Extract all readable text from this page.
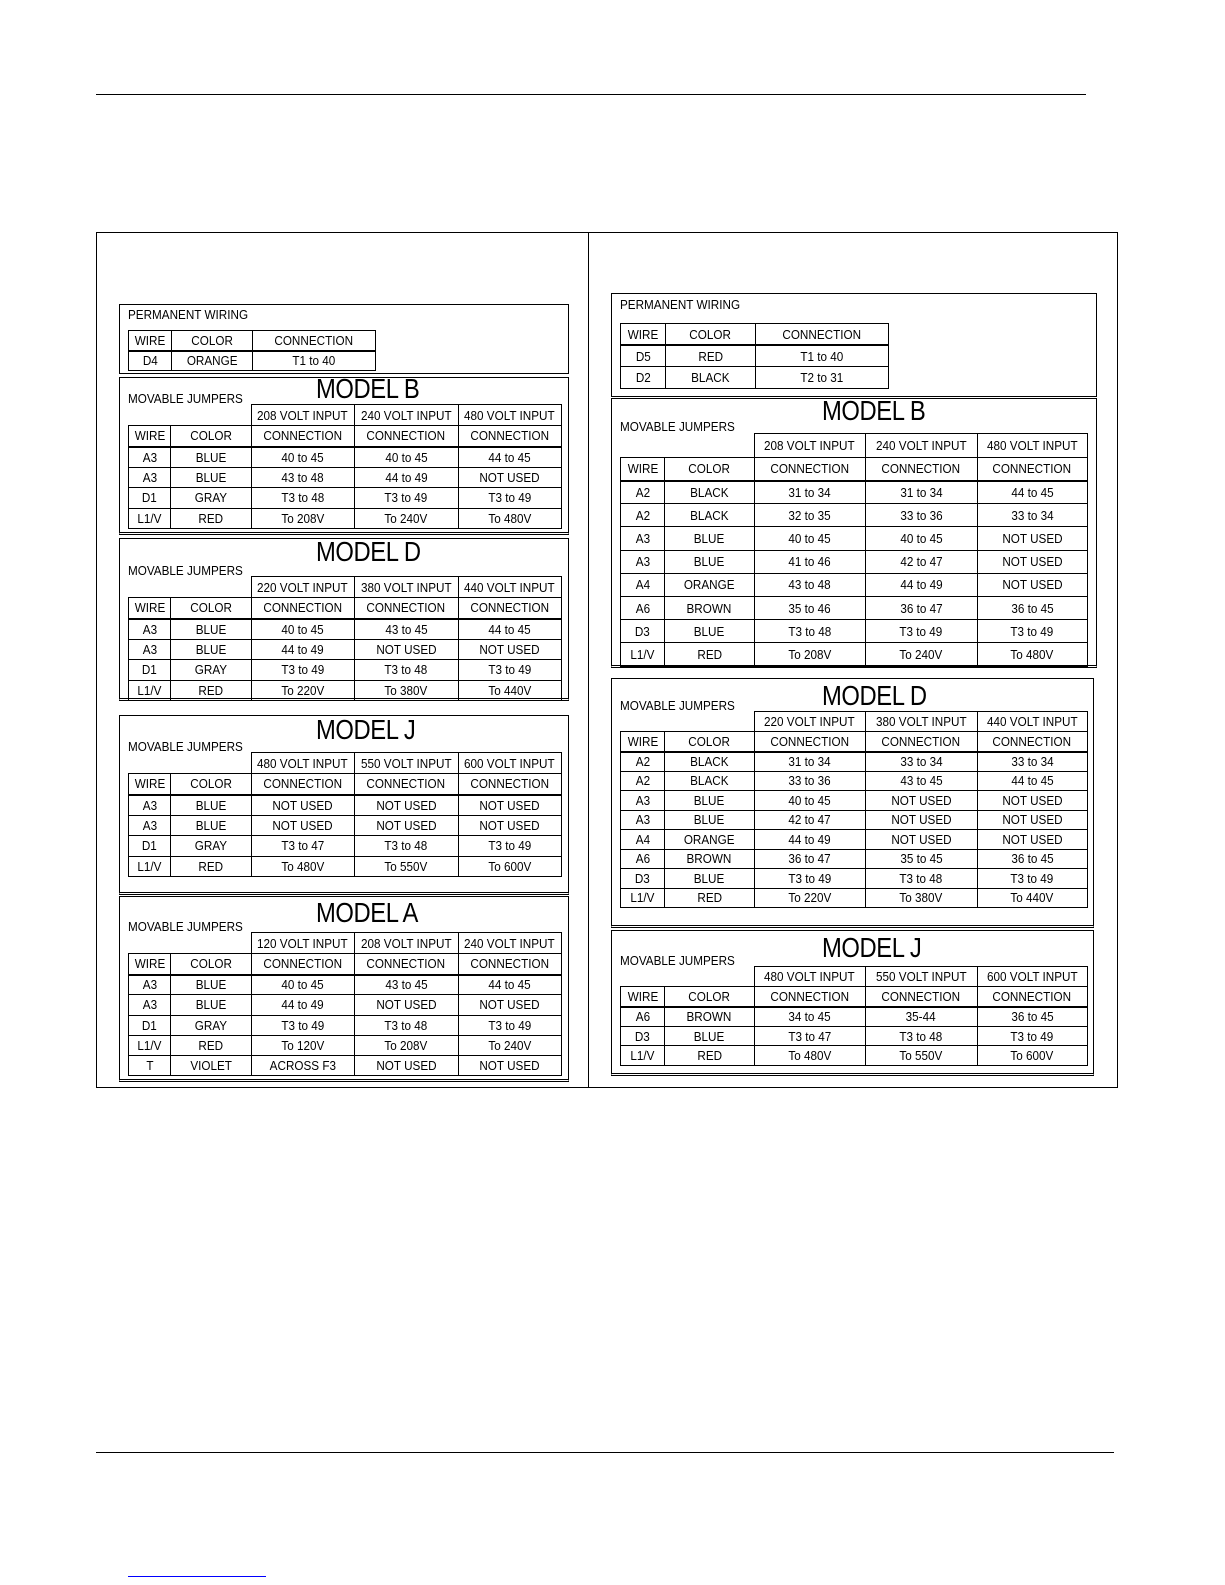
PERMANENT WIRING
WIRE	COLOR	CONNECTION
D4	ORANGE	T1 to 40
MODEL B
MOVABLE JUMPERS
		208 VOLT INPUT	240 VOLT INPUT	480 VOLT INPUT
WIRE	COLOR	CONNECTION	CONNECTION	CONNECTION
A3	BLUE	40 to 45	40 to 45	44 to 45
A3	BLUE	43 to 48	44 to 49	NOT USED
D1	GRAY	T3 to 48	T3 to 49	T3 to 49
L1/V	RED	To 208V	To 240V	To 480V
MODEL D
MOVABLE JUMPERS
		220 VOLT INPUT	380 VOLT INPUT	440 VOLT INPUT
WIRE	COLOR	CONNECTION	CONNECTION	CONNECTION
A3	BLUE	40 to 45	43 to 45	44 to 45
A3	BLUE	44 to 49	NOT USED	NOT USED
D1	GRAY	T3 to 49	T3 to 48	T3 to 49
L1/V	RED	To 220V	To 380V	To 440V
MODEL J
MOVABLE JUMPERS
		480 VOLT INPUT	550 VOLT INPUT	600 VOLT INPUT
WIRE	COLOR	CONNECTION	CONNECTION	CONNECTION
A3	BLUE	NOT USED	NOT USED	NOT USED
A3	BLUE	NOT USED	NOT USED	NOT USED
D1	GRAY	T3 to 47	T3 to 48	T3 to 49
L1/V	RED	To 480V	To 550V	To 600V
MODEL A
MOVABLE JUMPERS
		120 VOLT INPUT	208 VOLT INPUT	240 VOLT INPUT
WIRE	COLOR	CONNECTION	CONNECTION	CONNECTION
A3	BLUE	40 to 45	43 to 45	44 to 45
A3	BLUE	44 to 49	NOT USED	NOT USED
D1	GRAY	T3 to 49	T3 to 48	T3 to 49
L1/V	RED	To 120V	To 208V	To 240V
T	VIOLET	ACROSS F3	NOT USED	NOT USED
PERMANENT WIRING
WIRE	COLOR	CONNECTION
D5	RED	T1 to 40
D2	BLACK	T2 to 31
MODEL B
MOVABLE JUMPERS
		208 VOLT INPUT	240 VOLT INPUT	480 VOLT INPUT
WIRE	COLOR	CONNECTION	CONNECTION	CONNECTION
A2	BLACK	31 to 34	31 to 34	44 to 45
A2	BLACK	32 to 35	33 to 36	33 to 34
A3	BLUE	40 to 45	40 to 45	NOT USED
A3	BLUE	41 to 46	42 to 47	NOT USED
A4	ORANGE	43 to 48	44 to 49	NOT USED
A6	BROWN	35 to 46	36 to 47	36 to 45
D3	BLUE	T3 to 48	T3 to 49	T3 to 49
L1/V	RED	To 208V	To 240V	To 480V
MODEL D
MOVABLE JUMPERS
		220 VOLT INPUT	380 VOLT INPUT	440 VOLT INPUT
WIRE	COLOR	CONNECTION	CONNECTION	CONNECTION
A2	BLACK	31 to 34	33 to 34	33 to 34
A2	BLACK	33 to 36	43 to 45	44 to 45
A3	BLUE	40 to 45	NOT USED	NOT USED
A3	BLUE	42 to 47	NOT USED	NOT USED
A4	ORANGE	44 to 49	NOT USED	NOT USED
A6	BROWN	36 to 47	35 to 45	36 to 45
D3	BLUE	T3 to 49	T3 to 48	T3 to 49
L1/V	RED	To 220V	To 380V	To 440V
MODEL J
MOVABLE JUMPERS
		480 VOLT INPUT	550 VOLT INPUT	600 VOLT INPUT
WIRE	COLOR	CONNECTION	CONNECTION	CONNECTION
A6	BROWN	34 to 45	35-44	36 to 45
D3	BLUE	T3 to 47	T3 to 48	T3 to 49
L1/V	RED	To 480V	To 550V	To 600V
